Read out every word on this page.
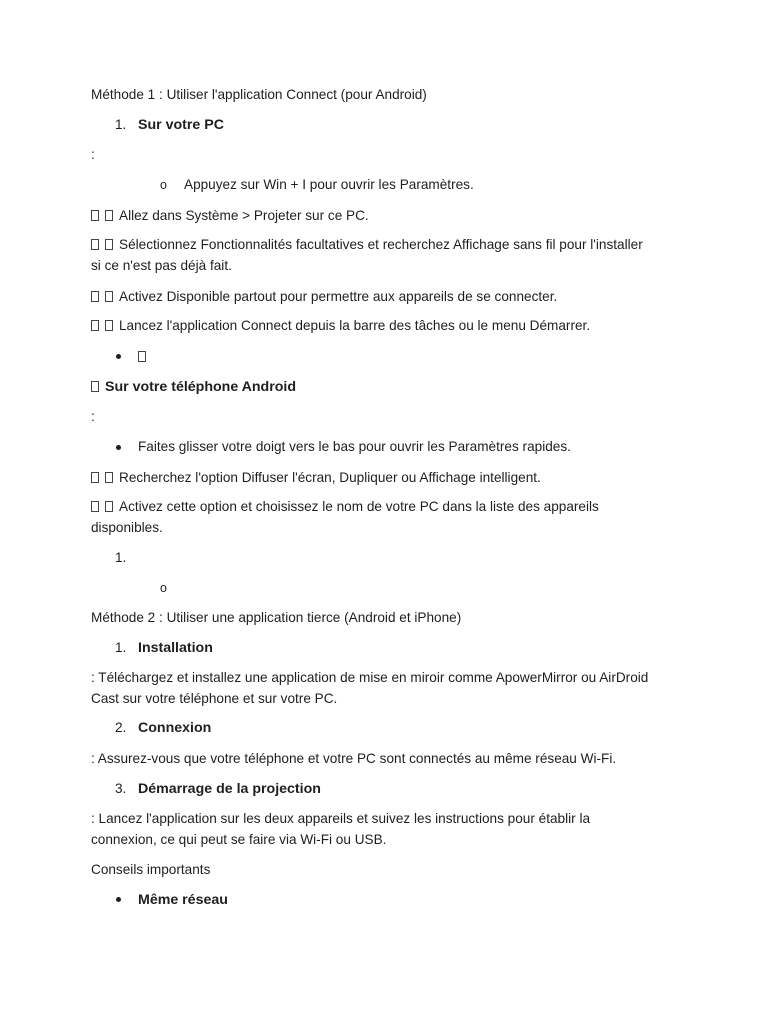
Méthode 1 : Utiliser l'application Connect (pour Android)
1. Sur votre PC
:
o Appuyez sur Win + I pour ouvrir les Paramètres.
Allez dans Système > Projeter sur ce PC.
Sélectionnez Fonctionnalités facultatives et recherchez Affichage sans fil pour l'installer
si ce n'est pas déjà fait.
Activez Disponible partout pour permettre aux appareils de se connecter.
Lancez l'application Connect depuis la barre des tâches ou le menu Démarrer.
Sur votre téléphone Android
:
Faites glisser votre doigt vers le bas pour ouvrir les Paramètres rapides.
Recherchez l'option Diffuser l'écran, Dupliquer ou Affichage intelligent.
Activez cette option et choisissez le nom de votre PC dans la liste des appareils
disponibles.
1.
o
Méthode 2 : Utiliser une application tierce (Android et iPhone)
1. Installation
: Téléchargez et installez une application de mise en miroir comme ApowerMirror ou AirDroid
Cast sur votre téléphone et sur votre PC.
2. Connexion
: Assurez-vous que votre téléphone et votre PC sont connectés au même réseau Wi-Fi.
3. Démarrage de la projection
: Lancez l'application sur les deux appareils et suivez les instructions pour établir la
connexion, ce qui peut se faire via Wi-Fi ou USB.
Conseils importants
Même réseau
